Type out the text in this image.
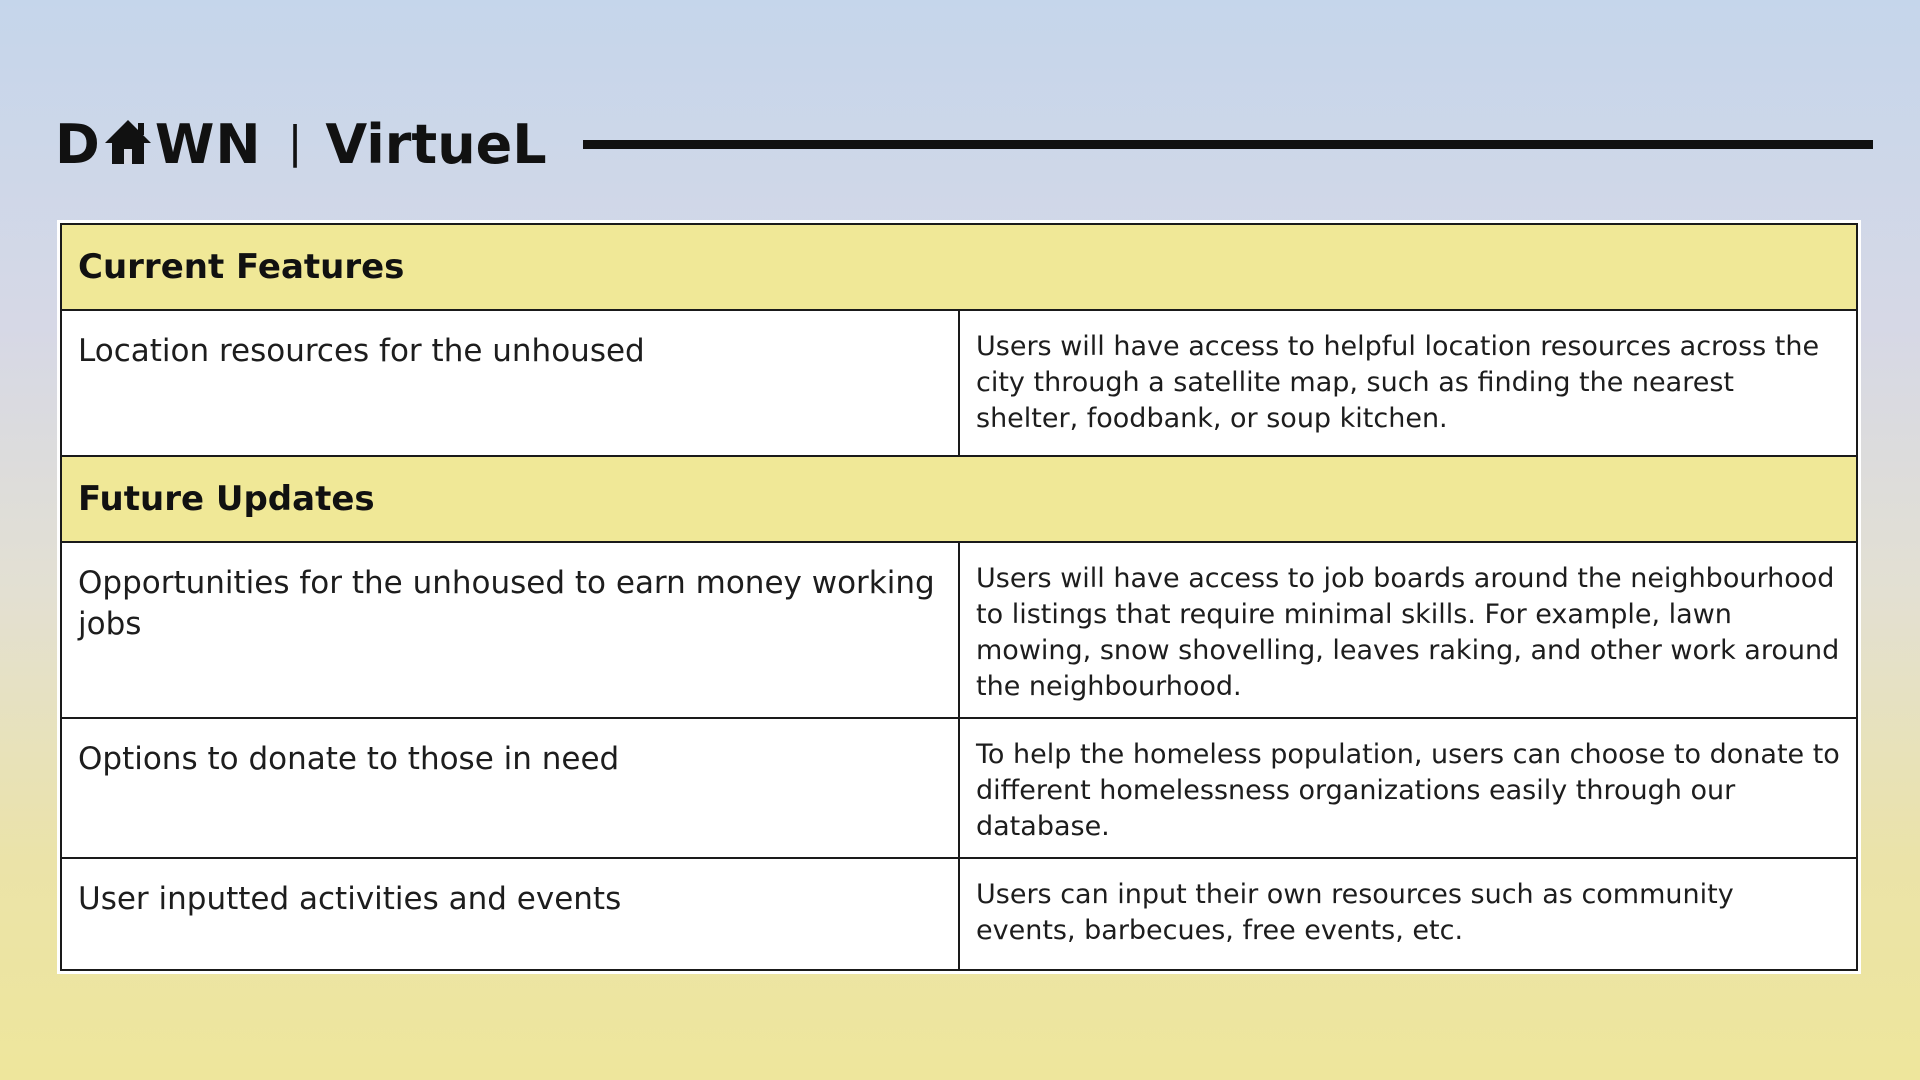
D WN | VirtueL
Current Features	
Location resources for the unhoused	Users will have access to helpful location resources across the city through a satellite map, such as finding the nearest shelter, foodbank, or soup kitchen.
Future Updates	
Opportunities for the unhoused to earn money working jobs	Users will have access to job boards around the neighbourhood to listings that require minimal skills. For example, lawn mowing, snow shovelling, leaves raking, and other work around the neighbourhood.
Options to donate to those in need	To help the homeless population, users can choose to donate to different homelessness organizations easily through our database.
User inputted activities and events	Users can input their own resources such as community events, barbecues, free events, etc.
